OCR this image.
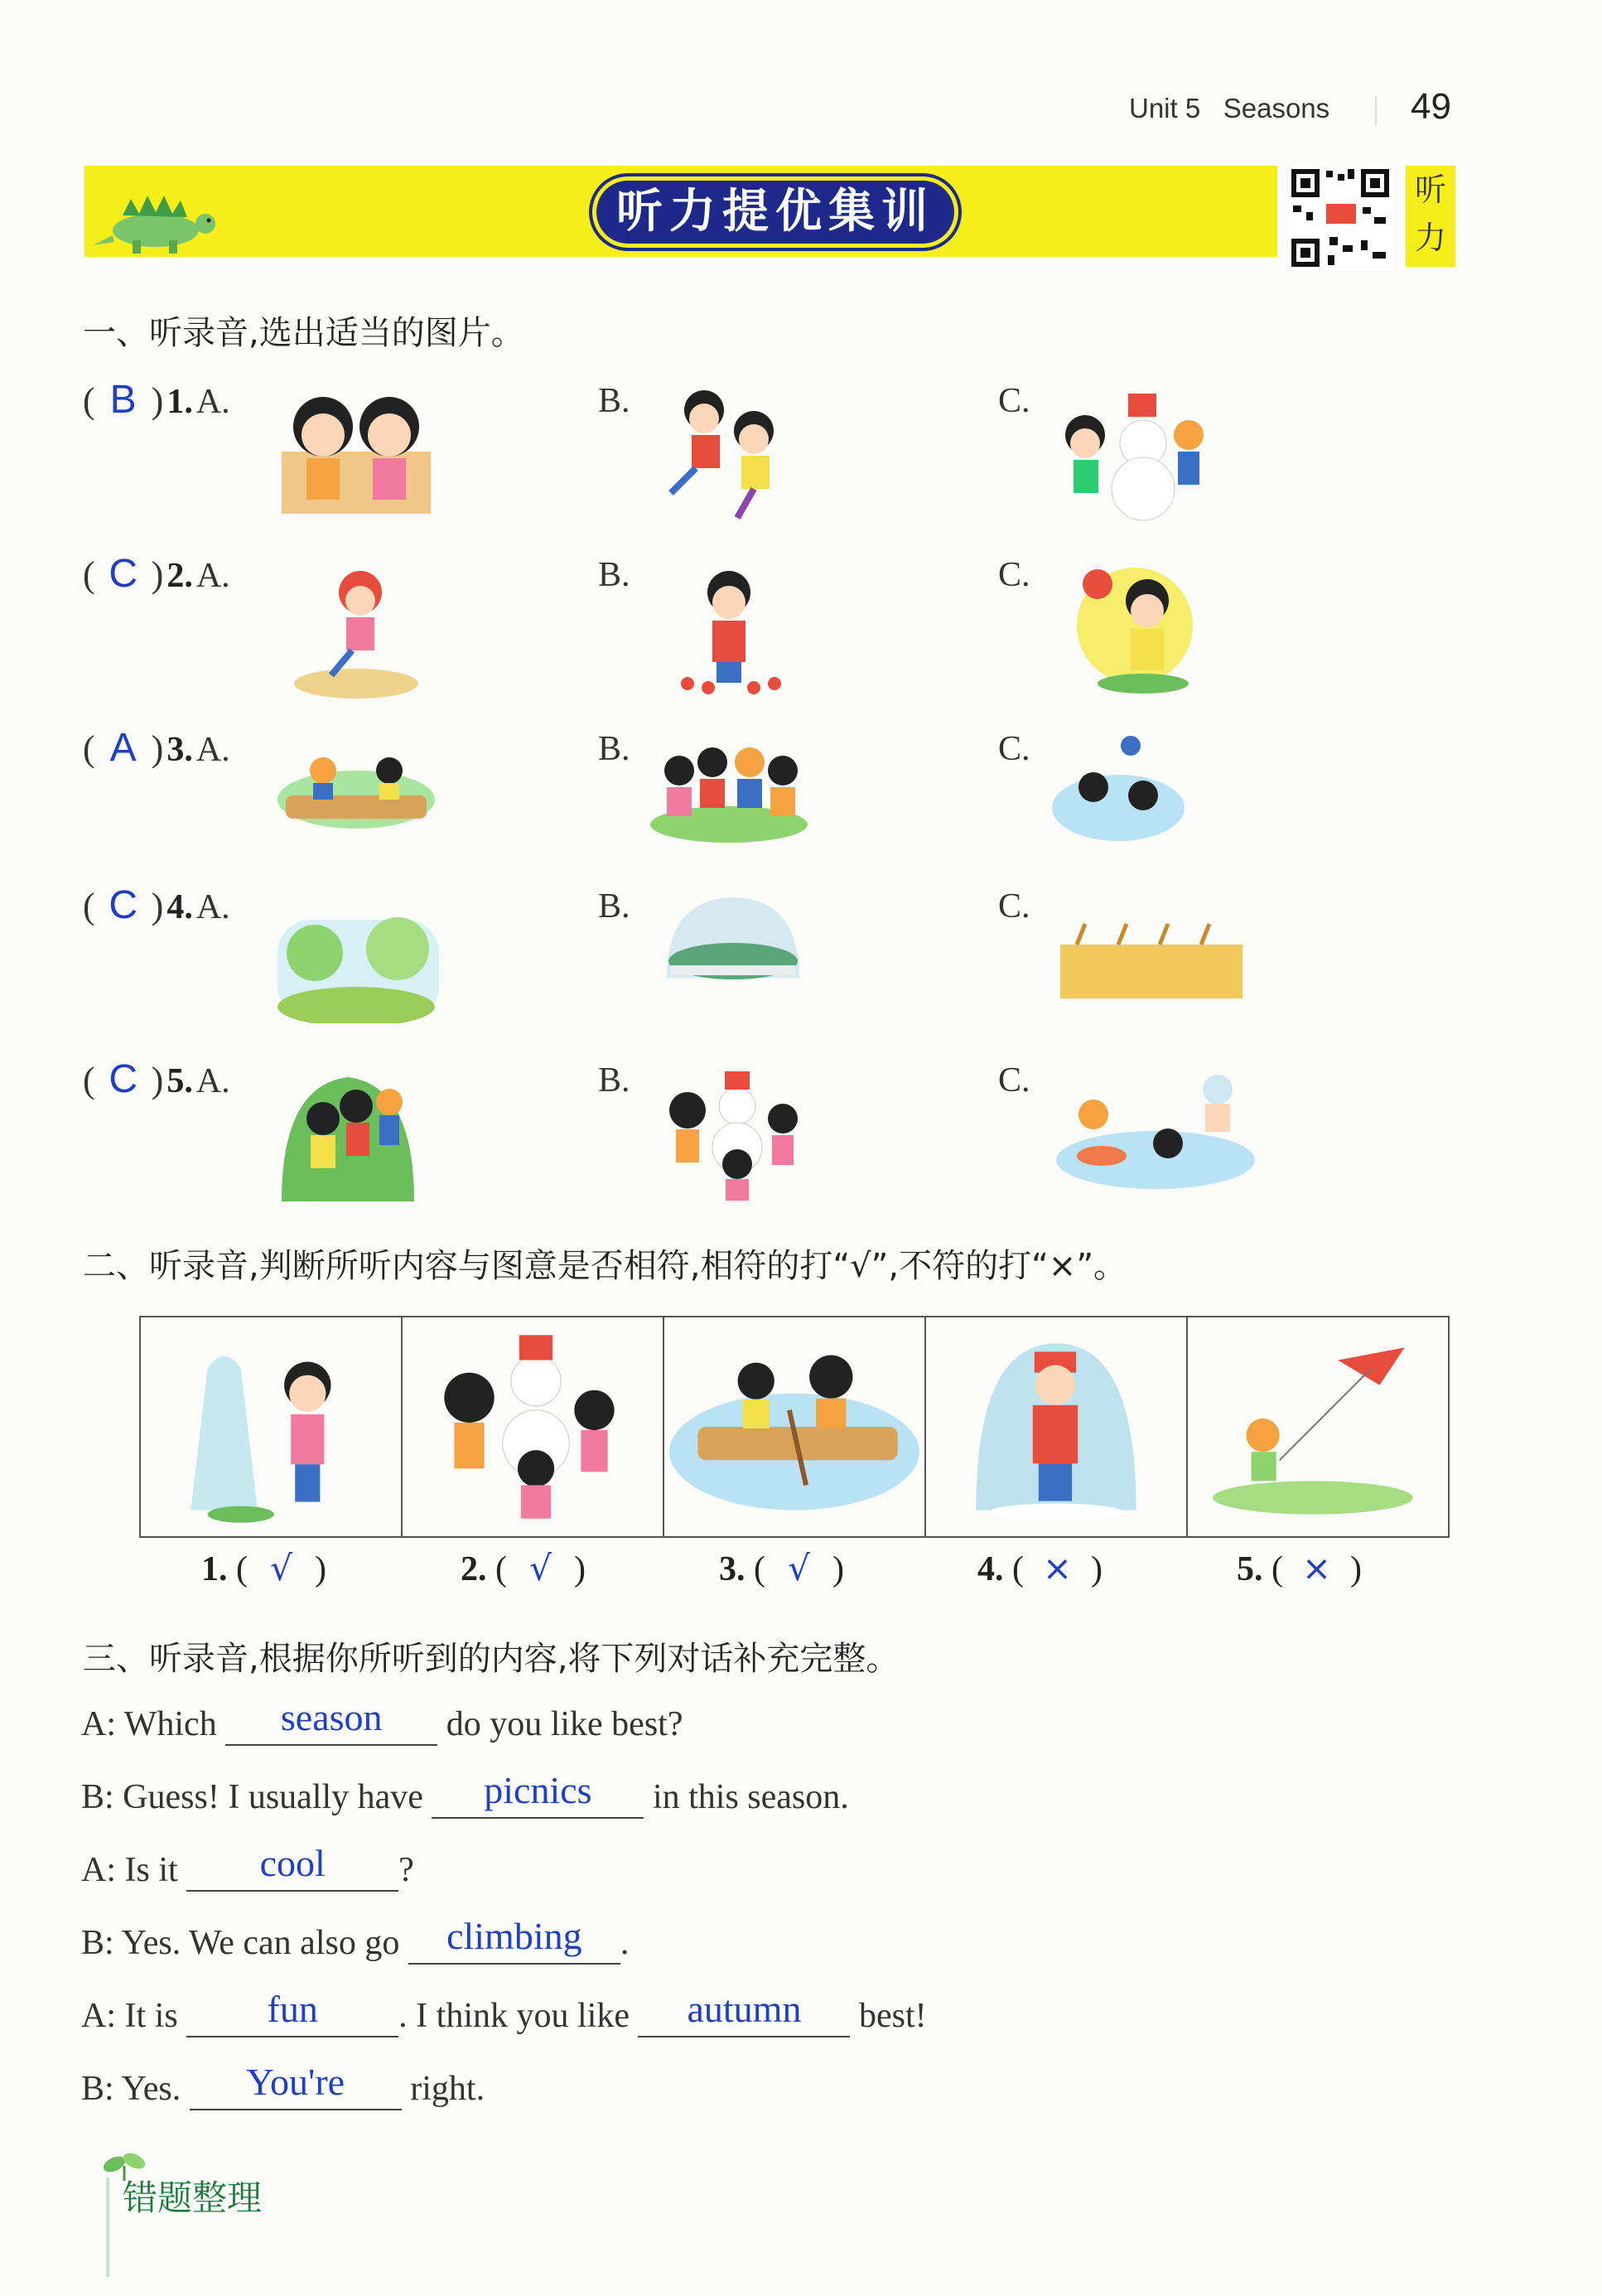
Unit 5 Seasons 49
听力提优集训	听
力
一、听录音,选出适当的图片。
( B ) 1. A.	B.	C.
( C ) 2. A.	B.	C.
( A ) 3. A.	B.	C.
( C ) 4. A.	B.	C.
( C ) 5. A.	B.	C.
二、听录音,判断所听内容与图意是否相符,相符的打“√”,不符的打“×”。
1. ( √ )	2. ( √ )	3. ( √ )	4. ( × )	5. ( × )
三、听录音,根据你所听到的内容,将下列对话补充完整。
A: Which season do you like best?
B: Guess! I usually have picnics in this season.
A: Is it cool ?
B: Yes. We can also go climbing .
A: It is fun . I think you like autumn best!
B: Yes. You're right.
错题整理
